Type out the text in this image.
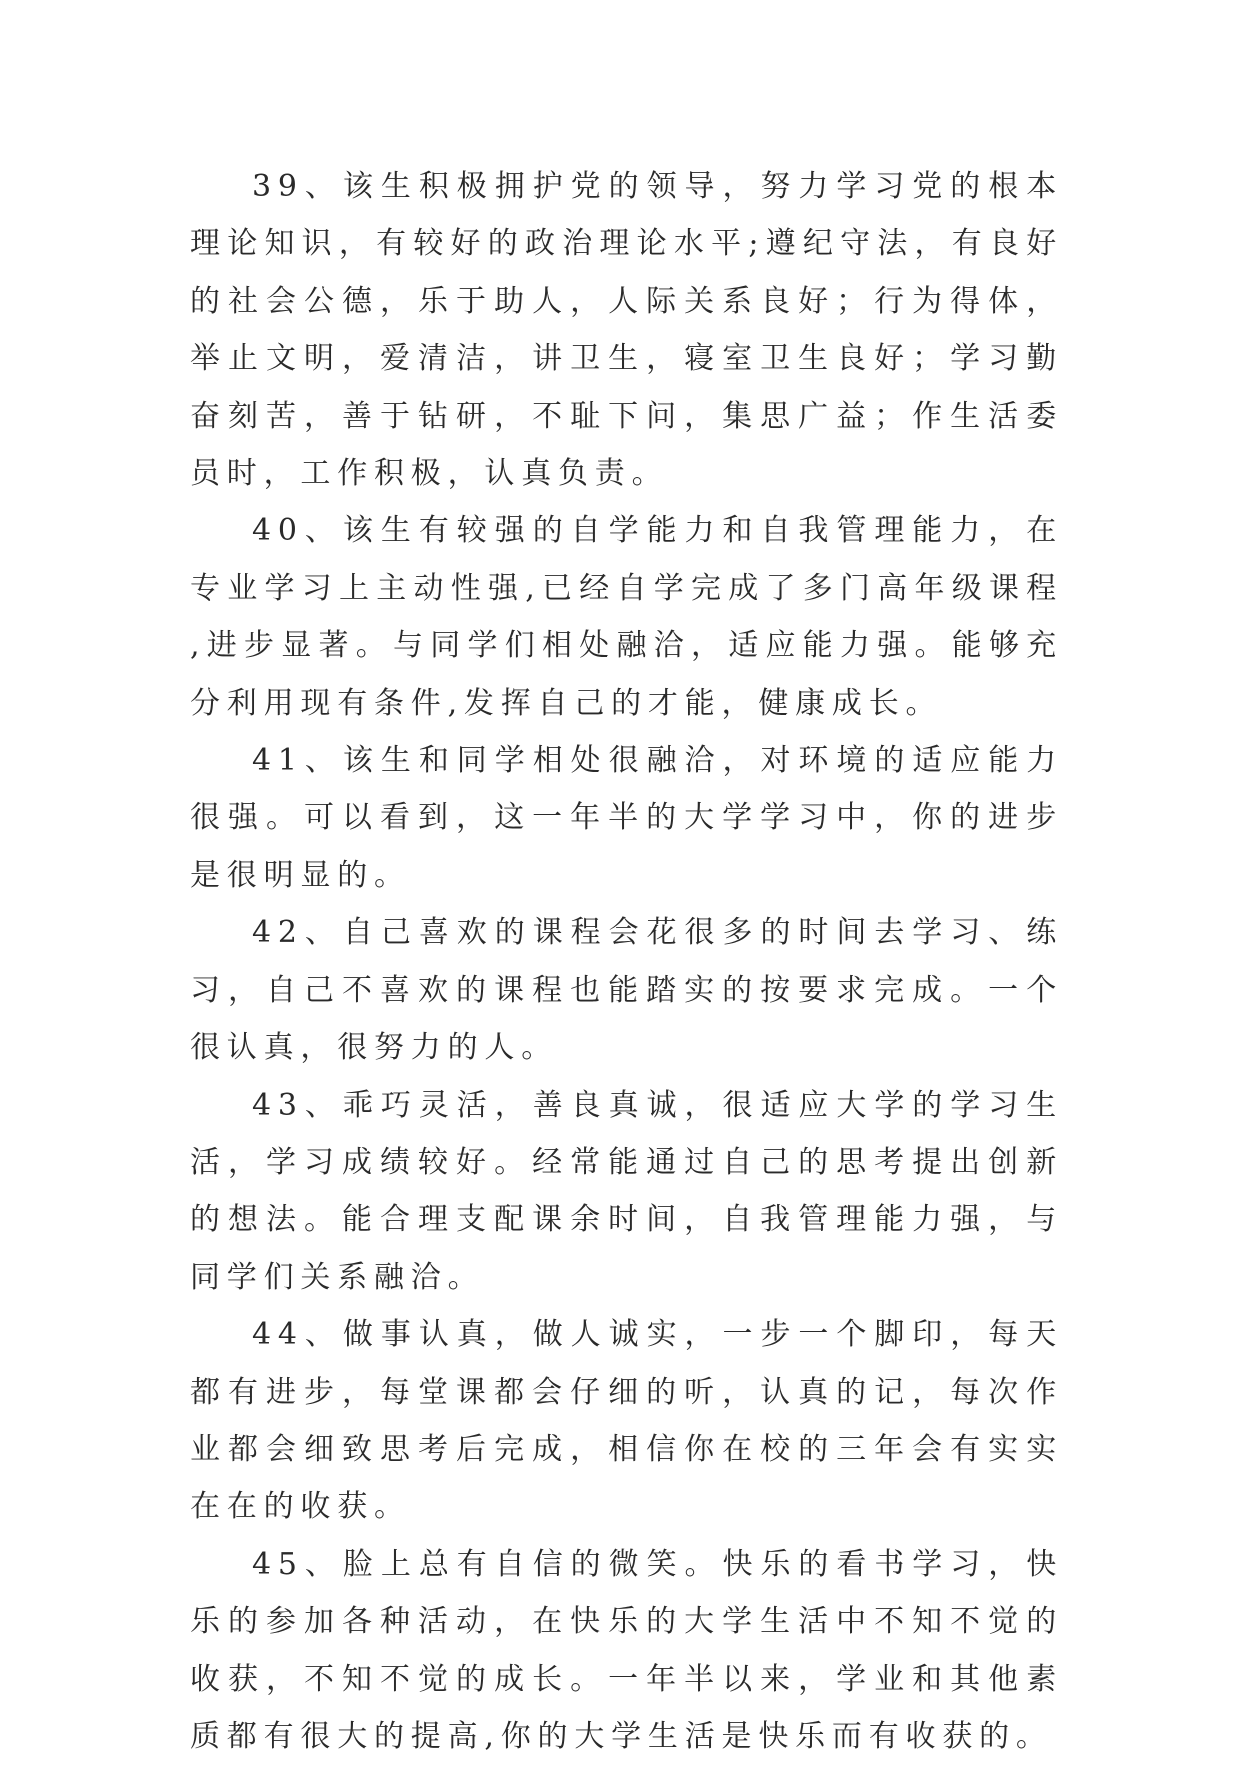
39、该生积极拥护党的领导，努力学习党的根本理论知识，有较好的政治理论水平;遵纪守法，有良好的社会公德，乐于助人，人际关系良好；行为得体，举止文明，爱清洁，讲卫生，寝室卫生良好；学习勤奋刻苦，善于钻研，不耻下问，集思广益；作生活委员时，工作积极，认真负责。

40、该生有较强的自学能力和自我管理能力，在专业学习上主动性强,已经自学完成了多门高年级课程,进步显著。与同学们相处融洽，适应能力强。能够充分利用现有条件,发挥自己的才能，健康成长。

41、该生和同学相处很融洽，对环境的适应能力很强。可以看到，这一年半的大学学习中，你的进步是很明显的。

42、自己喜欢的课程会花很多的时间去学习、练习，自己不喜欢的课程也能踏实的按要求完成。一个很认真，很努力的人。

43、乖巧灵活，善良真诚，很适应大学的学习生活，学习成绩较好。经常能通过自己的思考提出创新的想法。能合理支配课余时间，自我管理能力强，与同学们关系融洽。

44、做事认真，做人诚实，一步一个脚印，每天都有进步，每堂课都会仔细的听，认真的记，每次作业都会细致思考后完成，相信你在校的三年会有实实在在的收获。

45、脸上总有自信的微笑。快乐的看书学习，快乐的参加各种活动，在快乐的大学生活中不知不觉的收获，不知不觉的成长。一年半以来，学业和其他素质都有很大的提高,你的大学生活是快乐而有收获的。
